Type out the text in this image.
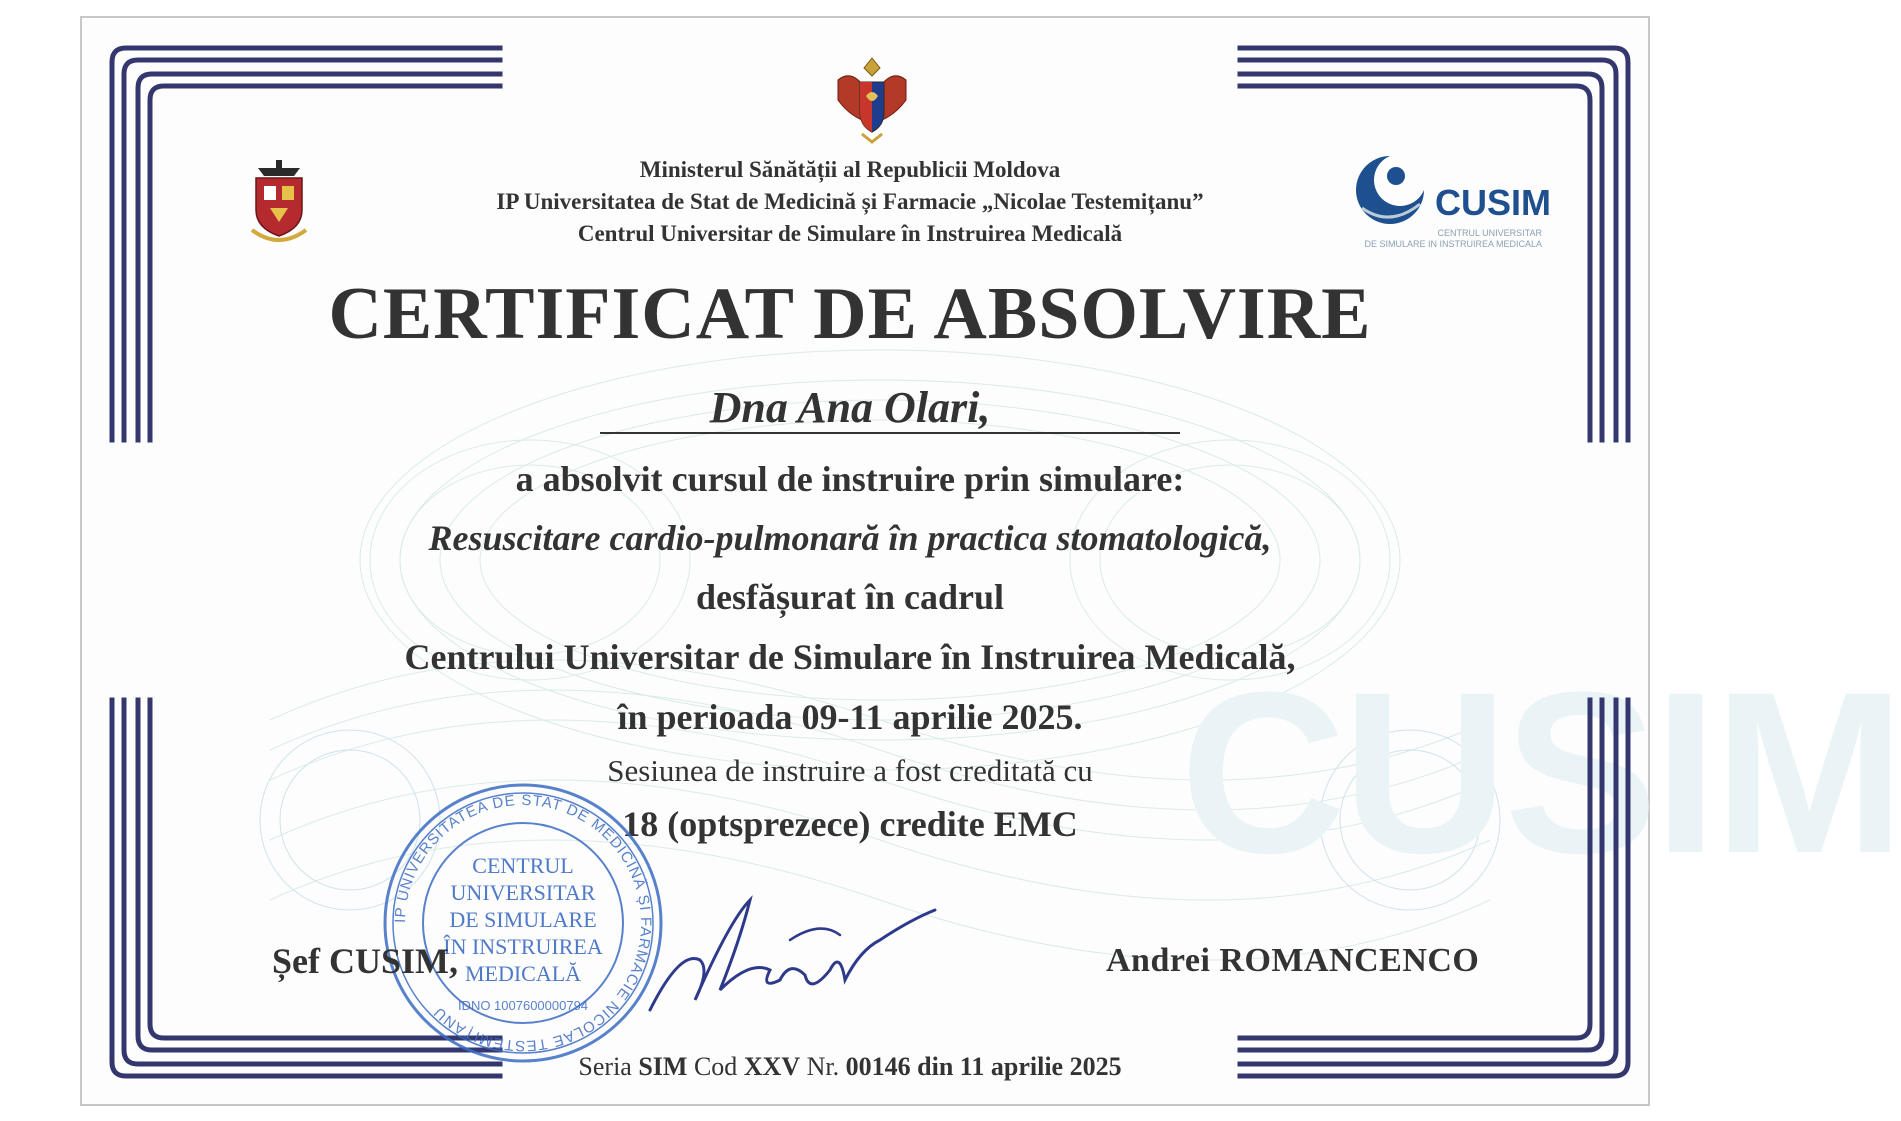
CUSIM
CUSIM
CENTRUL UNIVERSITAR
DE SIMULARE IN INSTRUIREA MEDICALA
Ministerul Sănătății al Republicii Moldova
IP Universitatea de Stat de Medicină și Farmacie „Nicolae Testemițanu”
Centrul Universitar de Simulare în Instruirea Medicală
CERTIFICAT DE ABSOLVIRE
Dna Ana Olari,
a absolvit cursul de instruire prin simulare:
Resuscitare cardio-pulmonară în practica stomatologică,
desfășurat în cadrul
Centrului Universitar de Simulare în Instruirea Medicală,
în perioada 09-11 aprilie 2025.
Sesiunea de instruire a fost creditată cu
18 (optsprezece) credite EMC
IP UNIVERSITATEA DE STAT DE MEDICINĂ ȘI FARMACIE NICOLAE TESTEMIȚANU
CENTRUL
UNIVERSITAR
DE SIMULARE
ÎN INSTRUIREA
MEDICALĂ
IDNO 1007600000794
Șef CUSIM,	Andrei ROMANCENCO
Seria SIM Cod XXV Nr. 00146 din 11 aprilie 2025
